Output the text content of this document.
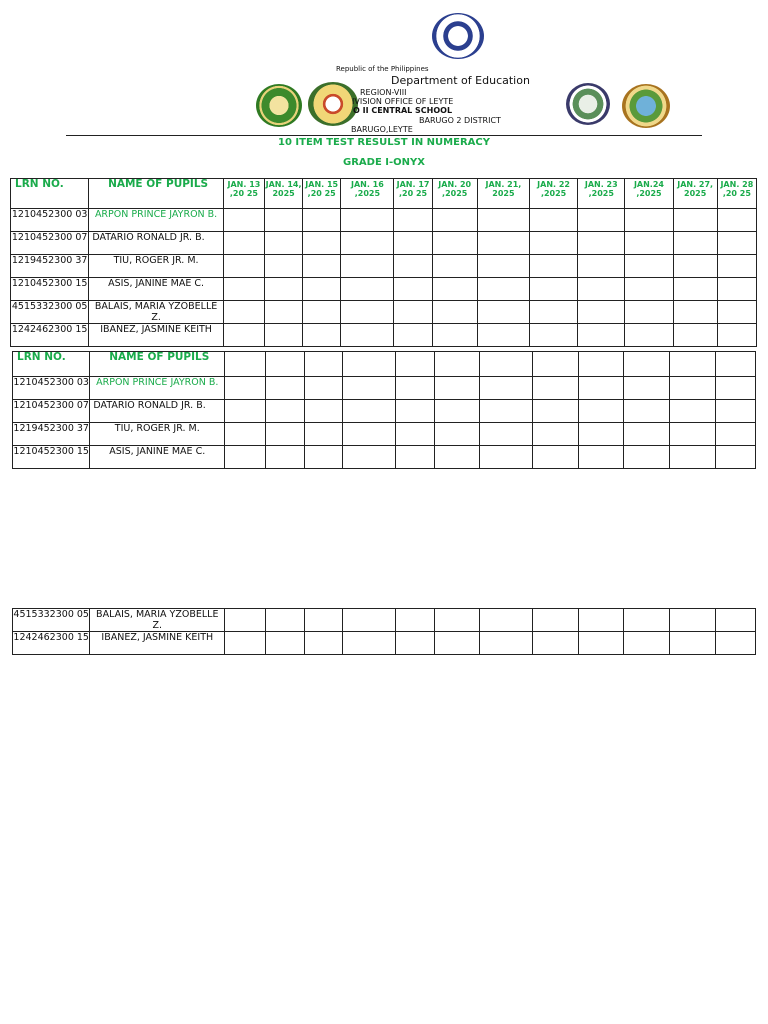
Republic of the Philippines
Department of Education
REGION-VIII
IVISION OFFICE OF LEYTE
O II CENTRAL SCHOOL
BARUGO 2 DISTRICT
BARUGO,LEYTE
10 ITEM TEST RESULST IN NUMERACY
GRADE I-ONYX
LRN NO.	NAME OF PUPILS	JAN. 13 ,20 25	JAN. 14, 2025	JAN. 15 ,20 25	JAN. 16 ,2025	JAN. 17 ,20 25	JAN. 20 ,2025	JAN. 21, 2025	JAN. 22 ,2025	JAN. 23 ,2025	JAN.24 ,2025	JAN. 27, 2025	JAN. 28 ,20 25
1210452300 03	ARPON PRINCE JAYRON B.												
1210452300 07	DATARIO RONALD JR. B.												
1219452300 37	TIU, ROGER JR. M.												
1210452300 15	ASIS, JANINE MAE C.												
4515332300 05	BALAIS, MARIA YZOBELLE Z.												
1242462300 15	IBANEZ, JASMINE KEITH												
LRN NO.	NAME OF PUPILS												
1210452300 03	ARPON PRINCE JAYRON B.												
1210452300 07	DATARIO RONALD JR. B.												
1219452300 37	TIU, ROGER JR. M.												
1210452300 15	ASIS, JANINE MAE C.												
4515332300 05	BALAIS, MARIA YZOBELLE Z.												
1242462300 15	IBANEZ, JASMINE KEITH												
